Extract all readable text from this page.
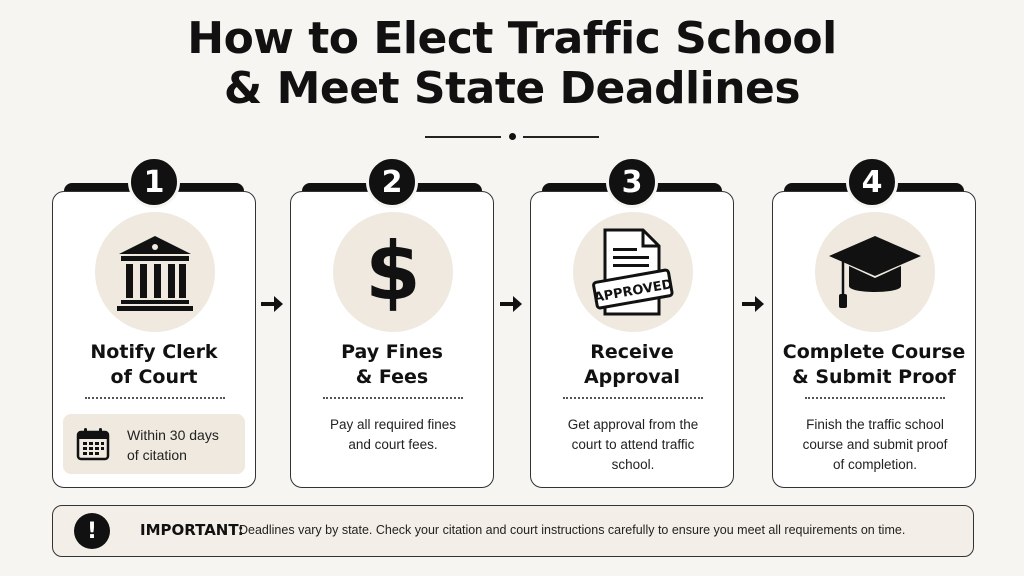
How to Elect Traffic School
& Meet State Deadlines
Notify Clerk
of Court
Within 30 days
of citation
1
$
Pay Fines
& Fees
Pay all required fines
and court fees.
2
APPROVED
Receive
Approval
Get approval from the
court to attend traffic
school.
3
Complete Course
& Submit Proof
Finish the traffic school
course and submit proof
of completion.
4
!	IMPORTANT:
Deadlines vary by state. Check your citation and court instructions carefully to ensure you meet all requirements on time.
